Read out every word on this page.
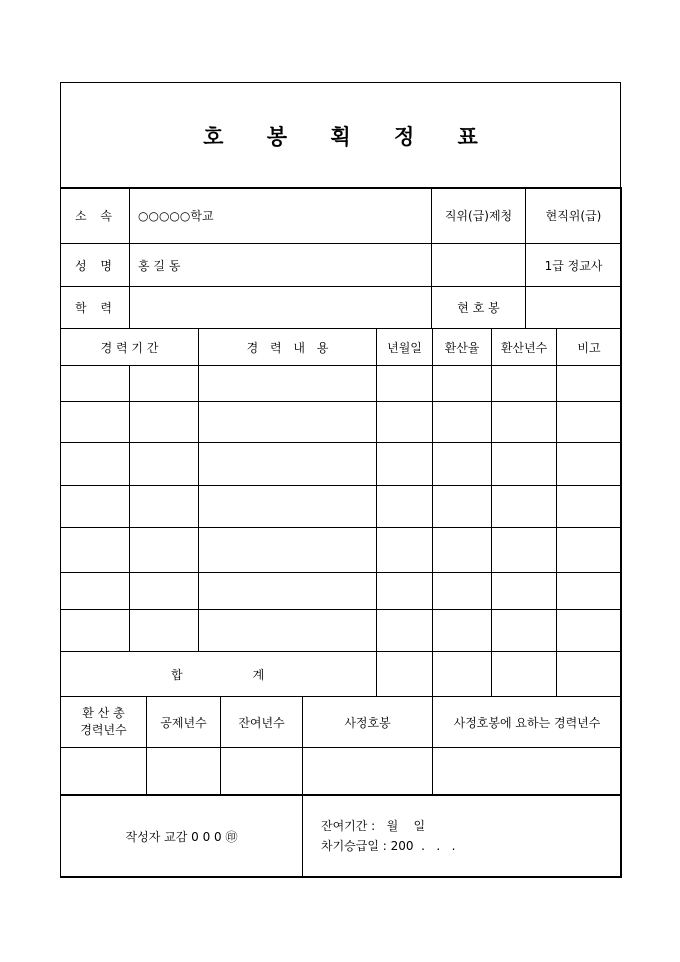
호 봉 획 정 표
소 속	○○○○○학교	직위(급)제청	현직위(급)
성 명	홍 길 동		1급 정교사
학 력		현 호 봉	
경 력 기 간		경 력 내 용	년월일	환산율	환산년수	비고

합 계						
환 산 총
경력년수	공제년수	잔여년수	사정호봉	사정호봉에 요하는 경력년수

작성자 교감 0 0 0 ㊞	
잔여기간 :   월    일
차기승급일 : 200  .   .   .
